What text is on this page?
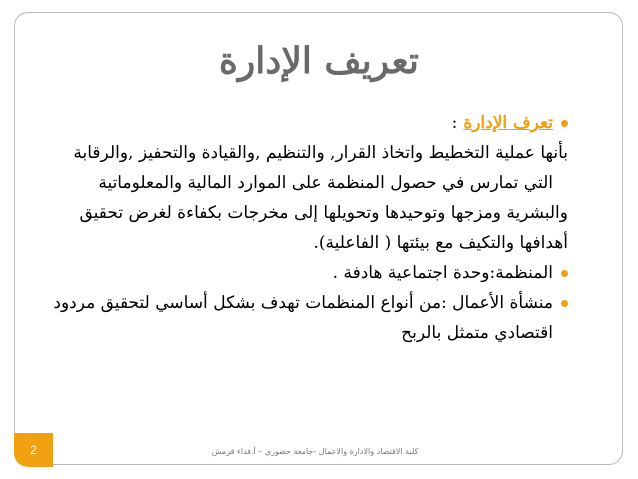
تعريف الإدارة
تعرف الإدارة:
بأنها عملية التخطيط واتخاذ القرار, والتنظيم ,والقيادة والتحفيز ,والرقابة
التي تمارس في حصول المنظمة على الموارد المالية والمعلوماتية
والبشرية ومزجها وتوحيدها وتحويلها إلى مخرجات بكفاءة لغرض تحقيق
أهدافها والتكيف مع بيئتها ( الفاعلية).
المنظمة:وحدة اجتماعية هادفة .
منشأة الأعمال :من أنواع المنظمات تهدف بشكل أساسي لتحقيق مردود
اقتصادي متمثل بالربح
كلية الاقتصاد والادارة والاعمال -جامعة حضوري – أ.فداء قرمش
2
